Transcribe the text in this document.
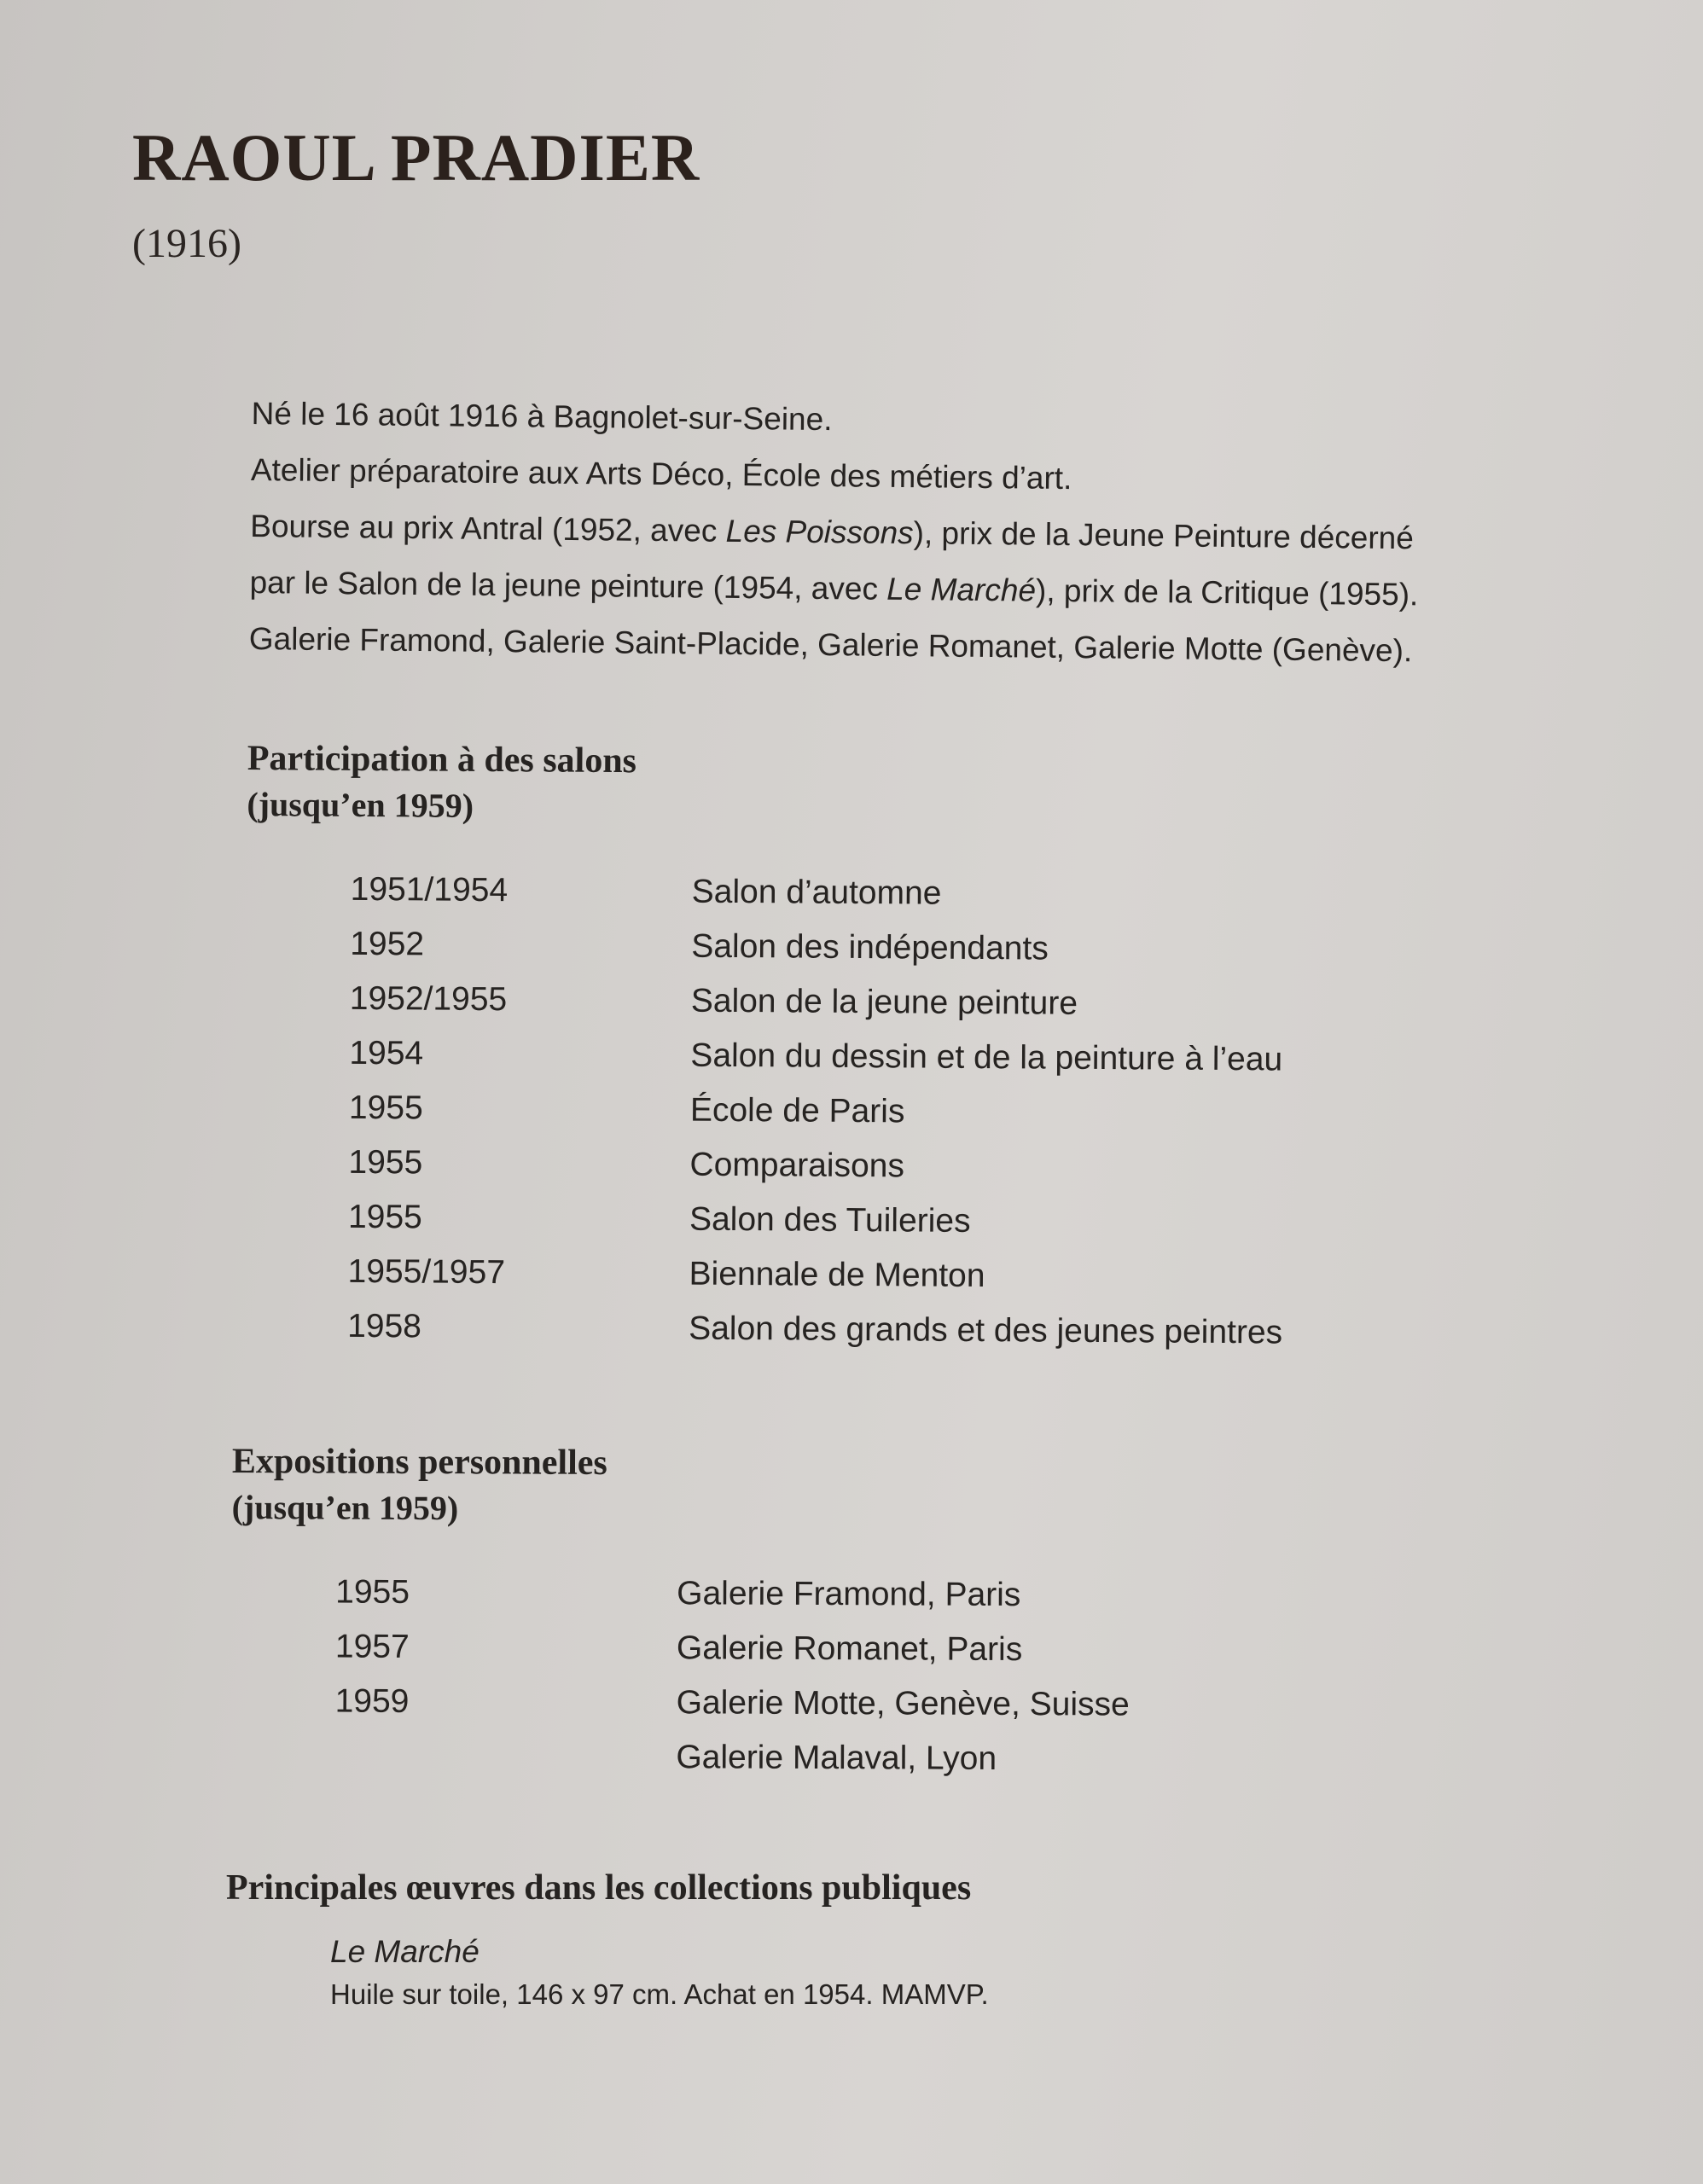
RAOUL PRADIER
(1916)

Né le 16 août 1916 à Bagnolet-sur-Seine.

Atelier préparatoire aux Arts Déco, École des métiers d’art.

Bourse au prix Antral (1952, avec Les Poissons), prix de la Jeune Peinture décerné

par le Salon de la jeune peinture (1954, avec Le Marché), prix de la Critique (1955).

Galerie Framond, Galerie Saint-Placide, Galerie Romanet, Galerie Motte (Genève).

Participation à des salons

(jusqu’en 1959)

1951/1954	Salon d’automne
1952	Salon des indépendants
1952/1955	Salon de la jeune peinture
1954	Salon du dessin et de la peinture à l’eau
1955	École de Paris
1955	Comparaisons
1955	Salon des Tuileries
1955/1957	Biennale de Menton
1958	Salon des grands et des jeunes peintres

Expositions personnelles

(jusqu’en 1959)

1955	Galerie Framond, Paris
1957	Galerie Romanet, Paris
1959	Galerie Motte, Genève, Suisse
Galerie Malaval, Lyon

Principales œuvres dans les collections publiques

Le Marché
Huile sur toile, 146 x 97 cm. Achat en 1954. MAMVP.
